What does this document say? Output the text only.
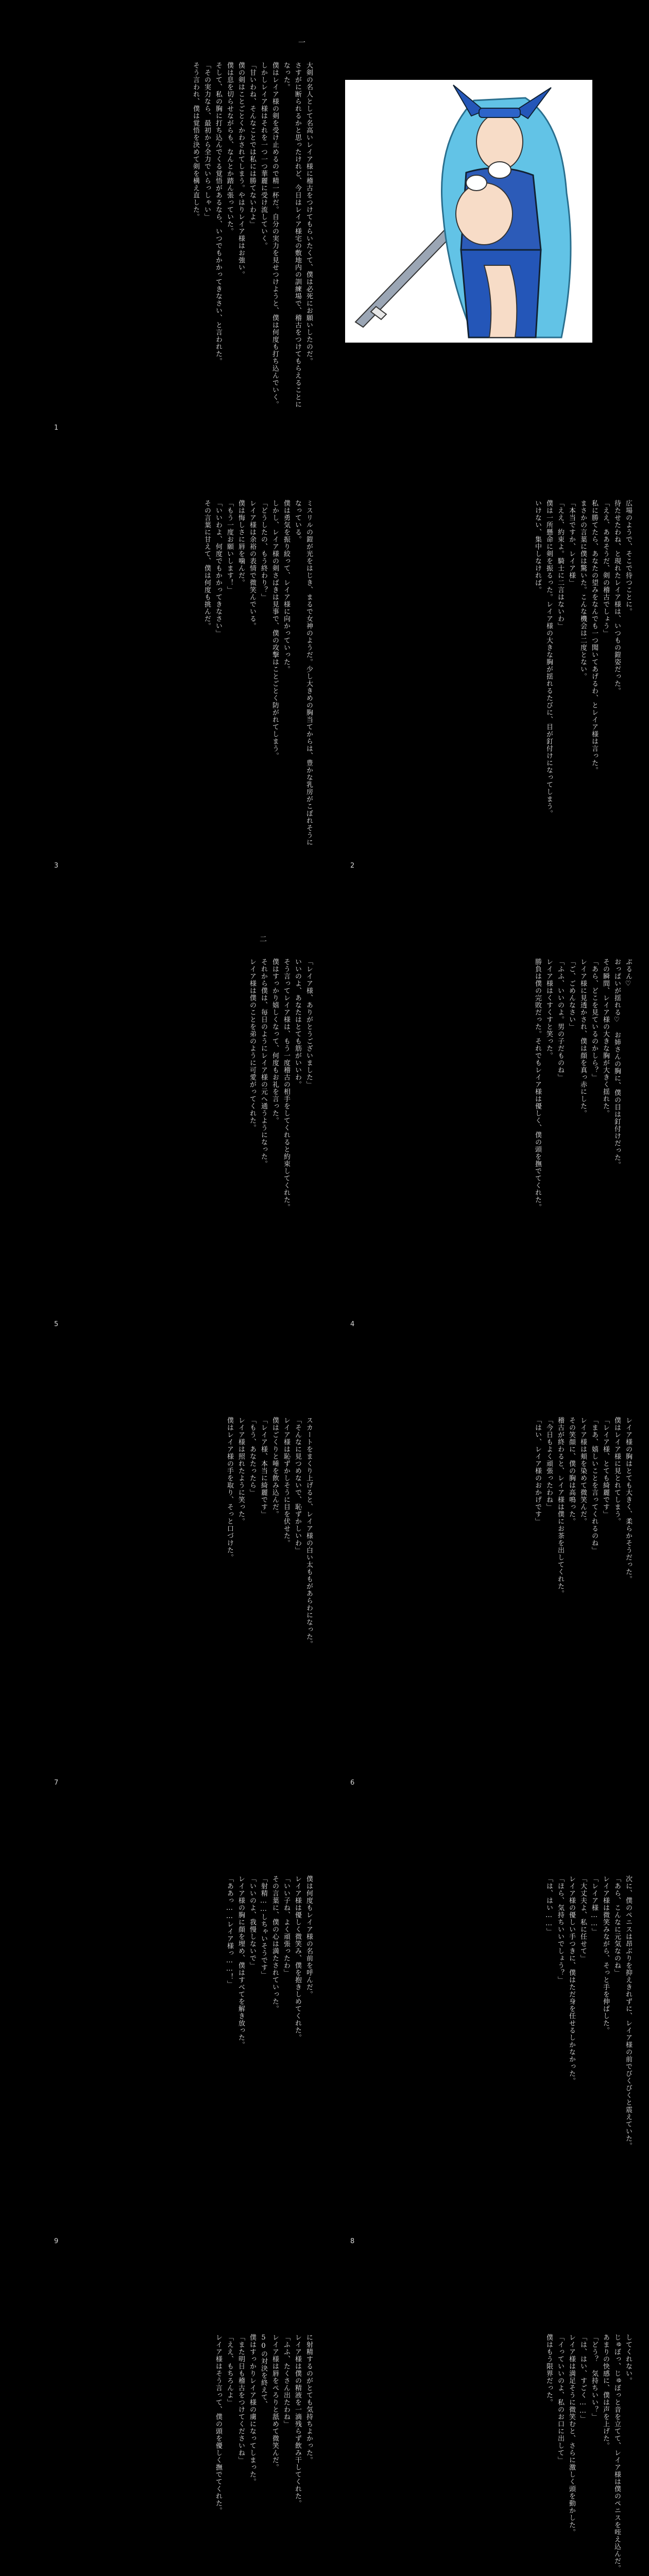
一
大剣の名人として名高いレイア様に稽古をつけてもらいたくて、僕は必死にお願いしたのだ。
さすがに断られるかと思ったけれど、今日はレイア様宅の敷地内の訓練場で、稽古をつけてもらえることになった。
僕はレイア様の剣を受け止めるので精一杯だ。自分の実力を見せつけようと、僕は何度も打ち込んでいく。
しかしレイア様はそれを一つ一つ華麗に受け流していく。
「甘いわね、そんなことでは私には勝てないわよ」
僕の剣はことごとくかわされてしまう。やはりレイア様はお強い。
僕は息を切らせながらも、なんとか踏ん張っていた。
そして、私の胸に打ち込んでくる覚悟があるなら、いつでもかかってきなさい、と言われた。
「その実力なら、最初から全力でいらっしゃい」
そう言われ、僕は覚悟を決めて剣を構え直した。
1
広場のようで、そこで待つことに。
待たせたわね、と現れたレイア様は、いつもの鎧姿だった。
「ええ、ああそうだ、剣の稽古でしょう」
私に勝てたら、あなたの望みをなんでも一つ聞いてあげるわ、とレイア様は言った。
まさかの言葉に僕は驚いた。こんな機会は二度とない。
「本当ですか、レイア様」
「ええ、約束よ。騎士に二言はないわ」
僕は一所懸命に剣を振るった。レイア様の大きな胸が揺れるたびに、目が釘付けになってしまう。
いけない、集中しなければ。
2
ミスリルの鎧が光をはじき、まるで女神のようだ。少し大きめの胸当てからは、豊かな乳房がこぼれそうになっている。
僕は勇気を振り絞って、レイア様に向かっていった。
しかし、レイア様の剣さばきは見事で、僕の攻撃はことごとく防がれてしまう。
「どうしたの、もう終わり？」
レイア様は余裕の表情で微笑んでいる。
僕は悔しさに唇を噛んだ。
「もう一度お願いします！」
「いいわよ、何度でもかかってきなさい」
その言葉に甘えて、僕は何度も挑んだ。
3
ぷるん♡
おっぱいが揺れる♡　お姉さんの胸に、僕の目は釘付けだった。
その瞬間、レイア様の大きな胸が大きく揺れた。
「あら、どこを見ているのかしら？」
レイア様に見透かされ、僕は顔を真っ赤にした。
「ご、ごめんなさい」
「ふふ、いいのよ。男の子だものね」
レイア様はくすくすと笑った。
勝負は僕の完敗だった。それでもレイア様は優しく、僕の頭を撫でてくれた。
4
二
「レイア様、ありがとうございました」
いいのよ、あなたはとても筋がいいわ。
そう言ってレイア様は、もう一度稽古の相手をしてくれると約束してくれた。
僕はすっかり嬉しくなって、何度もお礼を言った。
それから僕は、毎日のようにレイア様の元へ通うようになった。
レイア様は僕のことを弟のように可愛がってくれた。
5
レイア様の胸はとても大きく、柔らかそうだった。
僕はレイア様に見とれてしまう。
「レイア様、とても綺麗です」
「まあ、嬉しいことを言ってくれるのね」
レイア様は頬を染めて微笑んだ。
その笑顔に、僕の胸は高鳴った。
稽古が終わると、レイア様は僕にお茶を出してくれた。
「今日もよく頑張ったわね」
「はい、レイア様のおかげです」
6
スカートをまくり上げると、レイア様の白い太ももがあらわになった。
「そんなに見つめないで、恥ずかしいわ」
レイア様は恥ずかしそうに目を伏せた。
僕はごくりと唾を飲み込んだ。
「レイア様、本当に綺麗です」
「もう、あなたったら」
レイア様は照れたように笑った。
僕はレイア様の手を取り、そっと口づけた。
7
次に、僕のペニスは昂ぶりを抑えきれずに、レイア様の前でびくびくと震えていた。
「あら、こんなに元気なのね」
レイア様は微笑みながら、そっと手を伸ばした。
「レイア様……」
「大丈夫よ、私に任せて」
レイア様の優しい手つきに、僕はただ身を任せるしかなかった。
「ほら、気持ちいいでしょう？」
「は、はい……」
8
僕は何度もレイア様の名前を呼んだ。
レイア様は優しく微笑み、僕を抱きしめてくれた。
「いい子ね、よく頑張ったわ」
その言葉に、僕の心は満たされていった。
「射精……しちゃいそうです」
「いいのよ、我慢しないで」
レイア様の胸に顔を埋め、僕はすべてを解き放った。
「ああっ……レイア様っ……！」
9
してくれない。
じゅぼっ、じゅぼっと音を立てて、レイア様は僕のペニスを咥え込んだ。
あまりの快感に、僕は声を上げた。
「どう？　気持ちいい？」
「は、はい、すごく……」
レイア様は満足そうに微笑むと、さらに激しく頭を動かした。
「イっていいのよ、私のお口に出して」
僕はもう限界だった。
に射精するのがとても気持ちよかった。
レイア様は僕の精液を一滴残らず飲み干してくれた。
「ふふ、たくさん出たわね」
レイア様は唇をぺろりと舐めて微笑んだ。
50の対決を終えて、
僕はすっかりレイア様の虜になってしまった。
「また明日も稽古をつけてくださいね」
「ええ、もちろんよ」
レイア様はそう言って、僕の頭を優しく撫でてくれた。
